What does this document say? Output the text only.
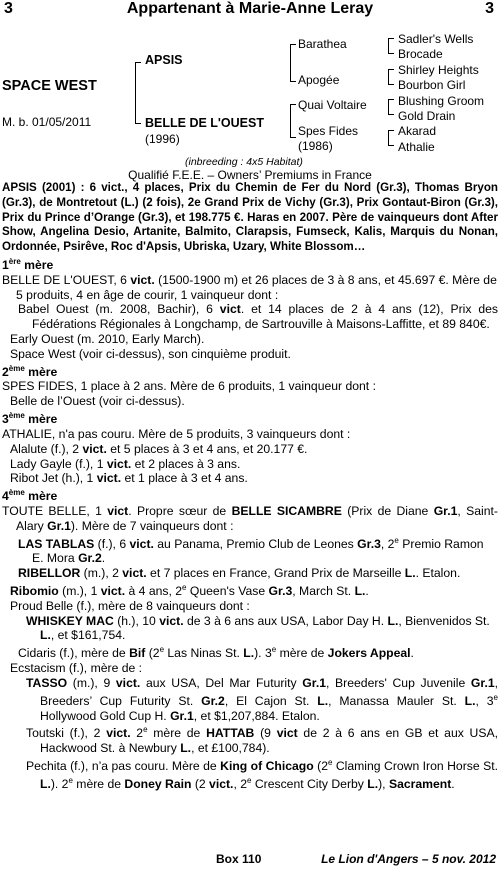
Appartenant à Marie-Anne Leray
3	3
SPACE WEST
M. b. 01/05/2011
APSIS
BELLE DE L'OUEST
(1996)
Barathea
Apogée
Quai Voltaire
Spes Fides
(1986)
Sadler's Wells
Brocade
Shirley Heights
Bourbon Girl
Blushing Groom
Gold Drain
Akarad
Athalie
(inbreeding : 4x5 Habitat)
Qualifié F.E.E. – Owners’ Premiums in France

APSIS (2001) : 6 vict., 4 places, Prix du Chemin de Fer du Nord (Gr.3), Thomas Bryon (Gr.3), de Montretout (L.) (2 fois), 2e Grand Prix de Vichy (Gr.3), Prix Gontaut-Biron (Gr.3), Prix du Prince d’Orange (Gr.3), et 198.775 €. Haras en 2007. Père de vainqueurs dont After Show, Angelina Desio, Artanite, Balmito, Clarapsis, Fumseck, Kalis, Marquis du Nonan, Ordonnée, Psirêve, Roc d'Apsis, Ubriska, Uzary, White Blossom…

1ère mère

BELLE DE L'OUEST, 6 vict. (1500-1900 m) et 26 places de 3 à 8 ans, et 45.697 €. Mère de 5 produits, 4 en âge de courir, 1 vainqueur dont :

Babel Ouest (m. 2008, Bachir), 6 vict. et 14 places de 2 à 4 ans (12), Prix des Fédérations Régionales à Longchamp, de Sartrouville à Maisons-Laffitte, et 89 840€.

Early Ouest (m. 2010, Early March).

Space West (voir ci-dessus), son cinquième produit.

2ème mère

SPES FIDES, 1 place à 2 ans. Mère de 6 produits, 1 vainqueur dont :

Belle de l’Ouest (voir ci-dessus).

3ème mère

ATHALIE, n'a pas couru. Mère de 5 produits, 3 vainqueurs dont :

Alalute (f.), 2 vict. et 5 places à 3 et 4 ans, et 20.177 €.

Lady Gayle (f.), 1 vict. et 2 places à 3 ans.

Ribot Jet (h.), 1 vict. et 1 place à 3 et 4 ans.

4ème mère

TOUTE BELLE, 1 vict. Propre sœur de BELLE SICAMBRE (Prix de Diane Gr.1, Saint-Alary Gr.1). Mère de 7 vainqueurs dont :

LAS TABLAS (f.), 6 vict. au Panama, Premio Club de Leones Gr.3, 2e Premio Ramon E. Mora Gr.2.

RIBELLOR (m.), 2 vict. et 7 places en France, Grand Prix de Marseille L.. Etalon.

Ribomio (m.), 1 vict. à 4 ans, 2e Queen's Vase Gr.3, March St. L..

Proud Belle (f.), mère de 8 vainqueurs dont :

WHISKEY MAC (h.), 10 vict. de 3 à 6 ans aux USA, Labor Day H. L., Bienvenidos St. L., et $161,754.

Cidaris (f.), mère de Bif (2e Las Ninas St. L.). 3e mère de Jokers Appeal.

Ecstacism (f.), mère de :

TASSO (m.), 9 vict. aux USA, Del Mar Futurity Gr.1, Breeders' Cup Juvenile Gr.1, Breeders’ Cup Futurity St. Gr.2, El Cajon St. L., Manassa Mauler St. L., 3e Hollywood Gold Cup H. Gr.1, et $1,207,884. Etalon.

Toutski (f.), 2 vict. 2e mère de HATTAB (9 vict de 2 à 6 ans en GB et aux USA, Hackwood St. à Newbury L., et £100,784).

Pechita (f.), n’a pas couru. Mère de King of Chicago (2e Claming Crown Iron Horse St. L.). 2e mère de Doney Rain (2 vict., 2e Crescent City Derby L.), Sacrament.

Box 110	Le Lion d'Angers – 5 nov. 2012
